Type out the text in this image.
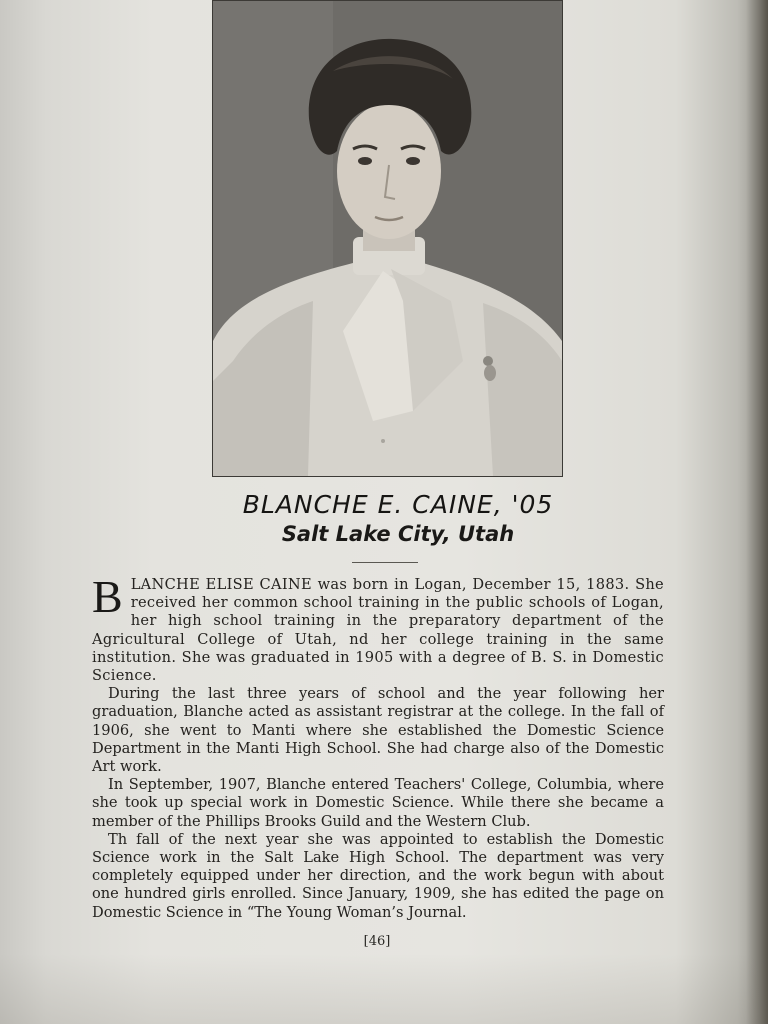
BLANCHE E. CAINE, '05
Salt Lake City, Utah

B LANCHE ELISE CAINE was born in Logan, December 15, 1883. She received her common school training in the public schools of Logan, her high school training in the preparatory department of the Agricultural College of Utah, nd her college training in the same institution. She was graduated in 1905 with a degree of B. S. in Domestic Science.

During the last three years of school and the year following her graduation, Blanche acted as assistant registrar at the college. In the fall of 1906, she went to Manti where she established the Domestic Science Department in the Manti High School. She had charge also of the Domestic Art work.

In September, 1907, Blanche entered Teachers' College, Columbia, where she took up special work in Domestic Science. While there she became a member of the Phillips Brooks Guild and the Western Club.

Th fall of the next year she was appointed to establish the Domestic Science work in the Salt Lake High School. The department was very completely equipped under her direction, and the work begun with about one hundred girls enrolled. Since January, 1909, she has edited the page on Domestic Science in “The Young Woman’s Journal.

[46]
